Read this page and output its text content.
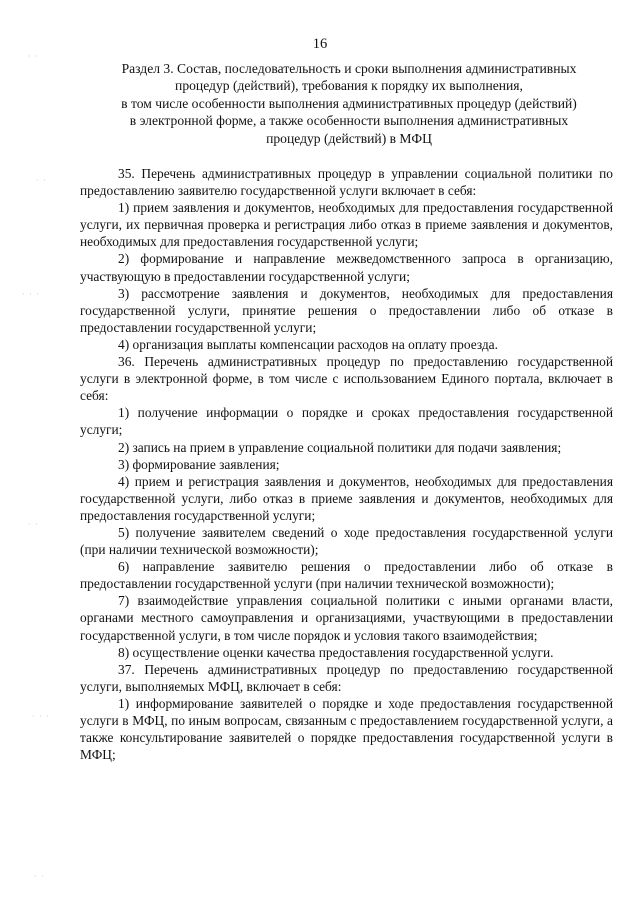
16
Раздел 3. Состав, последовательность и сроки выполнения административных
процедур (действий), требования к порядку их выполнения,
в том числе особенности выполнения административных процедур (действий)
в электронной форме, а также особенности выполнения административных
процедур (действий) в МФЦ

35. Перечень административных процедур в управлении социальной политики по предоставлению заявителю государственной услуги включает в себя:

1) прием заявления и документов, необходимых для предоставления государственной услуги, их первичная проверка и регистрация либо отказ в приеме заявления и документов, необходимых для предоставления государственной услуги;

2) формирование и направление межведомственного запроса в организацию, участвующую в предоставлении государственной услуги;

3) рассмотрение заявления и документов, необходимых для предоставления государственной услуги, принятие решения о предоставлении либо об отказе в предоставлении государственной услуги;

4) организация выплаты компенсации расходов на оплату проезда.

36. Перечень административных процедур по предоставлению государственной услуги в электронной форме, в том числе с использованием Единого портала, включает в себя:

1) получение информации о порядке и сроках предоставления государственной услуги;

2) запись на прием в управление социальной политики для подачи заявления;

3) формирование заявления;

4) прием и регистрация заявления и документов, необходимых для предоставления государственной услуги, либо отказ в приеме заявления и документов, необходимых для предоставления государственной услуги;

5) получение заявителем сведений о ходе предоставления государственной услуги (при наличии технической возможности);

6) направление заявителю решения о предоставлении либо об отказе в предоставлении государственной услуги (при наличии технической возможности);

7) взаимодействие управления социальной политики с иными органами власти, органами местного самоуправления и организациями, участвующими в предоставлении государственной услуги, в том числе порядок и условия такого взаимодействия;

8) осуществление оценки качества предоставления государственной услуги.

37. Перечень административных процедур по предоставлению государственной услуги, выполняемых МФЦ, включает в себя:

1) информирование заявителей о порядке и ходе предоставления государственной услуги в МФЦ, по иным вопросам, связанным с предоставлением государственной услуги, а также консультирование заявителей о порядке предоставления государственной услуги в МФЦ;

· ·
· ·
· · ·
· ·
· · ·
· ·
